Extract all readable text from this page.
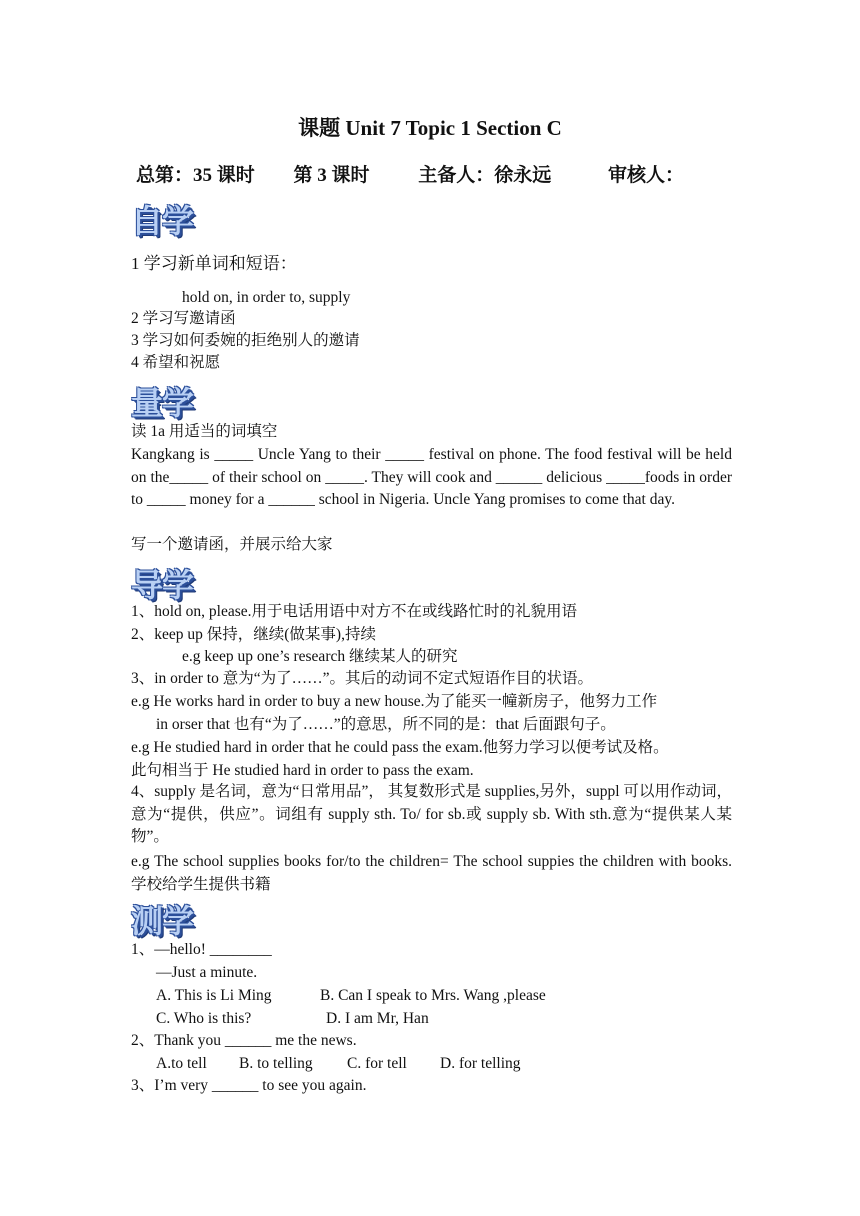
课题 Unit 7 Topic 1 Section C
总第：35 课时 第 3 课时	主备人：徐永远	审核人：
自学
1 学习新单词和短语：
hold on, in order to, supply
2 学习写邀请函
3 学习如何委婉的拒绝别人的邀请
4 希望和祝愿
量学
读 1a 用适当的词填空
Kangkang is _____ Uncle Yang to their _____ festival on phone. The food festival will be held on the_____ of their school on _____. They will cook and ______ delicious _____foods in order to _____ money for a ______ school in Nigeria. Uncle Yang promises to come that day.
写一个邀请函，并展示给大家
导学
1、hold on, please.用于电话用语中对方不在或线路忙时的礼貌用语
2、keep up 保持，继续(做某事),持续
e.g keep up one’s research 继续某人的研究
3、in order to 意为“为了……”。其后的动词不定式短语作目的状语。
e.g He works hard in order to buy a new house.为了能买一幢新房子，他努力工作
in orser that 也有“为了……”的意思，所不同的是：that 后面跟句子。
e.g He studied hard in order that he could pass the exam.他努力学习以便考试及格。
此句相当于 He studied hard in order to pass the exam.
4、supply 是名词，意为“日常用品”， 其复数形式是 supplies,另外，suppl 可以用作动词，意为“提供，供应”。词组有 supply sth. To/ for sb.或 supply sb. With sth.意为“提供某人某物”。
e.g The school supplies books for/to the children= The school suppies the children with books. 学校给学生提供书籍
测学
1、—hello! ________
—Just a minute.
A. This is Li Ming	B. Can I speak to Mrs. Wang ,please
C. Who is this?	D. I am Mr, Han
2、Thank you ______ me the news.
A.to tell B. to telling C. for tell D. for telling
3、I’m very ______ to see you again.
